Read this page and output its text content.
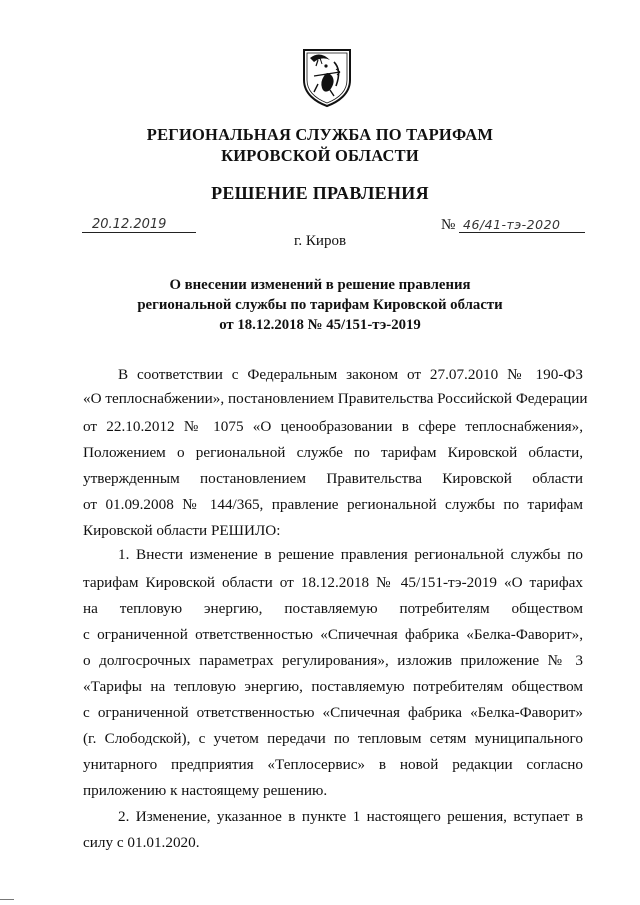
РЕГИОНАЛЬНАЯ СЛУЖБА ПО ТАРИФАМ
КИРОВСКОЙ ОБЛАСТИ
РЕШЕНИЕ ПРАВЛЕНИЯ
20.12.2019	№ 46/41-тэ-2020
г. Киров
О внесении изменений в решение правления
региональной службы по тарифам Кировской области
от 18.12.2018 № 45/151-тэ-2019
В соответствии с Федеральным законом от 27.07.2010 № 190-ФЗ
«О теплоснабжении», постановлением Правительства Российской Федерации
от 22.10.2012 № 1075 «О ценообразовании в сфере теплоснабжения»,
Положением о региональной службе по тарифам Кировской области,
утвержденным постановлением Правительства Кировской области
от 01.09.2008 № 144/365, правление региональной службы по тарифам
Кировской области РЕШИЛО:
1. Внести изменение в решение правления региональной службы по
тарифам Кировской области от 18.12.2018 № 45/151-тэ-2019 «О тарифах
на тепловую энергию, поставляемую потребителям обществом
с ограниченной ответственностью «Спичечная фабрика «Белка-Фаворит»,
о долгосрочных параметрах регулирования», изложив приложение № 3
«Тарифы на тепловую энергию, поставляемую потребителям обществом
с ограниченной ответственностью «Спичечная фабрика «Белка-Фаворит»
(г. Слободской), с учетом передачи по тепловым сетям муниципального
унитарного предприятия «Теплосервис» в новой редакции согласно
приложению к настоящему решению.
2. Изменение, указанное в пункте 1 настоящего решения, вступает в
силу с 01.01.2020.
